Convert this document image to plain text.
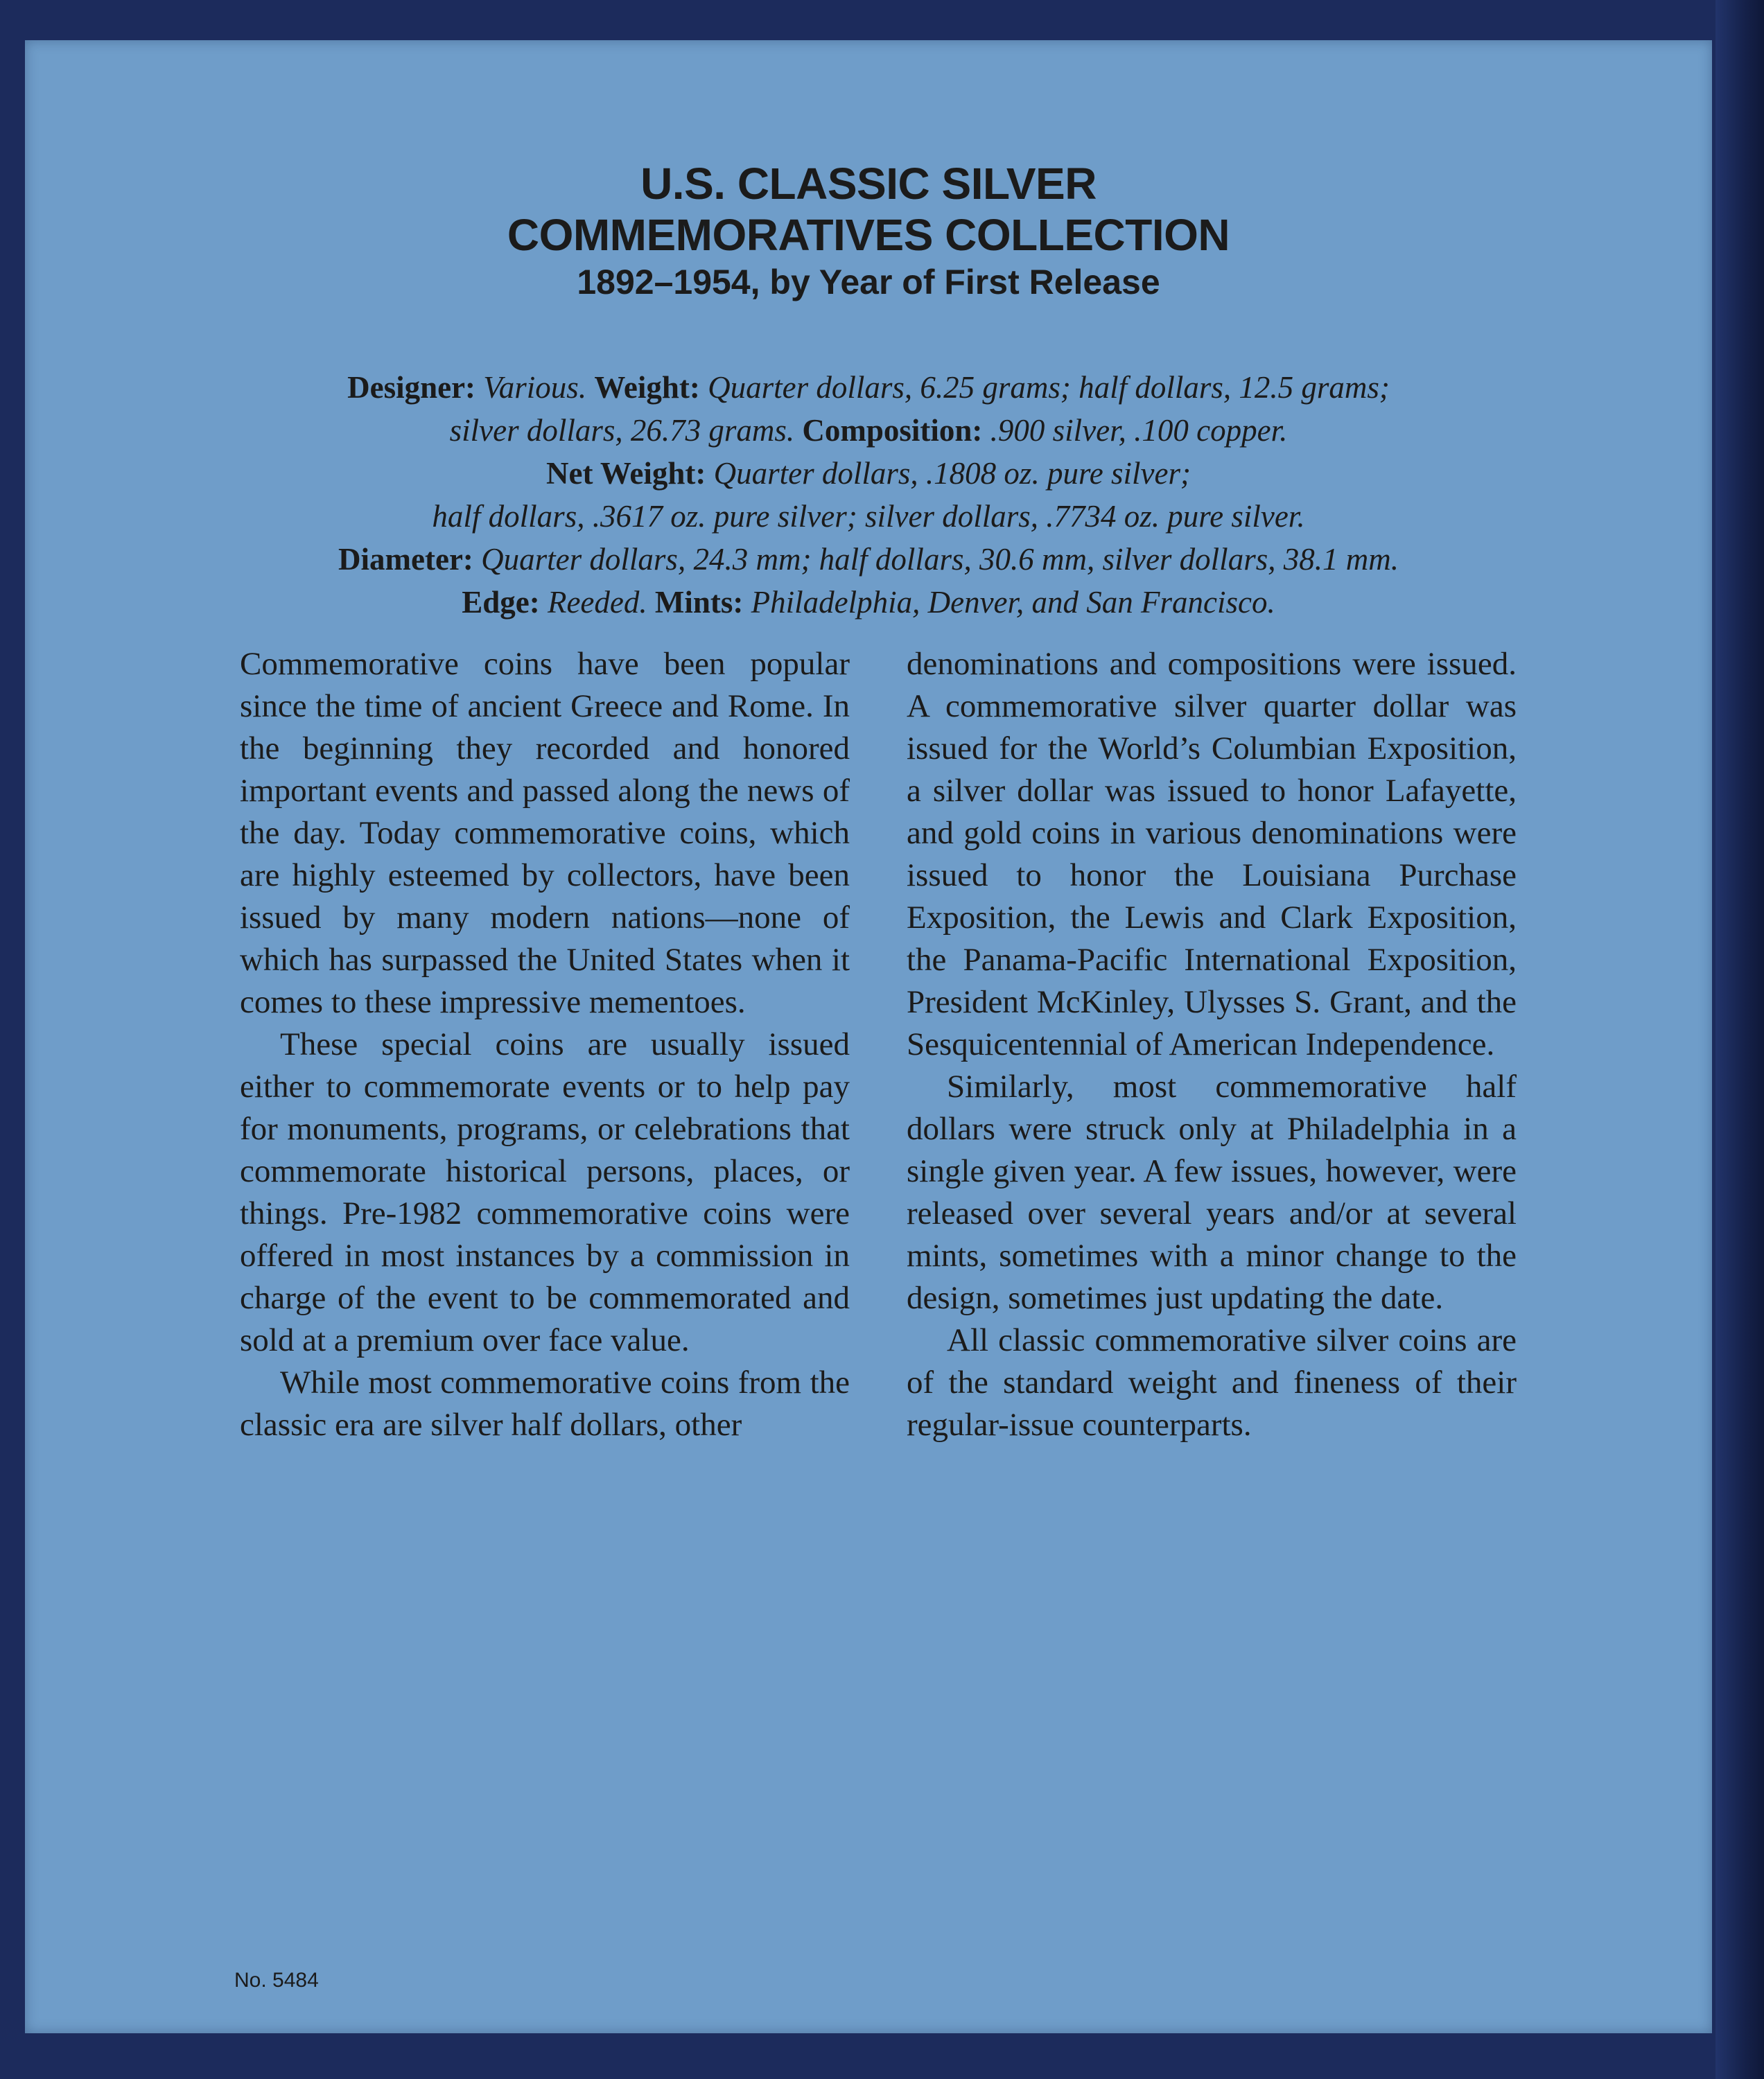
U.S. CLASSIC SILVER
COMMEMORATIVES COLLECTION
1892–1954, by Year of First Release
Designer: Various. Weight: Quarter dollars, 6.25 grams; half dollars, 12.5 grams;
silver dollars, 26.73 grams. Composition: .900 silver, .100 copper.
Net Weight: Quarter dollars, .1808 oz. pure silver;
half dollars, .3617 oz. pure silver; silver dollars, .7734 oz. pure silver.
Diameter: Quarter dollars, 24.3 mm; half dollars, 30.6 mm, silver dollars, 38.1 mm.
Edge: Reeded. Mints: Philadelphia, Denver, and San Francisco.

Commemorative coins have been popular since the time of ancient Greece and Rome. In the beginning they recorded and honored important events and passed along the news of the day. Today commemorative coins, which are highly esteemed by collectors, have been issued by many modern nations—none of which has surpassed the United States when it comes to these impressive mementoes.

These special coins are usually issued either to commemorate events or to help pay for monuments, programs, or celebrations that commemorate historical persons, places, or things. Pre-1982 commemorative coins were offered in most instances by a commission in charge of the event to be commemorated and sold at a premium over face value.

While most commemorative coins from the classic era are silver half dollars, other

denominations and compositions were issued. A commemorative silver quarter dollar was issued for the World’s Columbian Exposition, a silver dollar was issued to honor Lafayette, and gold coins in various denominations were issued to honor the Louisiana Purchase Exposition, the Lewis and Clark Exposition, the Panama-Pacific International Exposition, President McKinley, Ulysses S. Grant, and the Sesquicentennial of American Independence.

Similarly, most commemorative half dollars were struck only at Philadelphia in a single given year. A few issues, however, were released over several years and/or at several mints, sometimes with a minor change to the design, sometimes just updating the date.

All classic commemorative silver coins are of the standard weight and fineness of their regular-issue counterparts.

No. 5484
